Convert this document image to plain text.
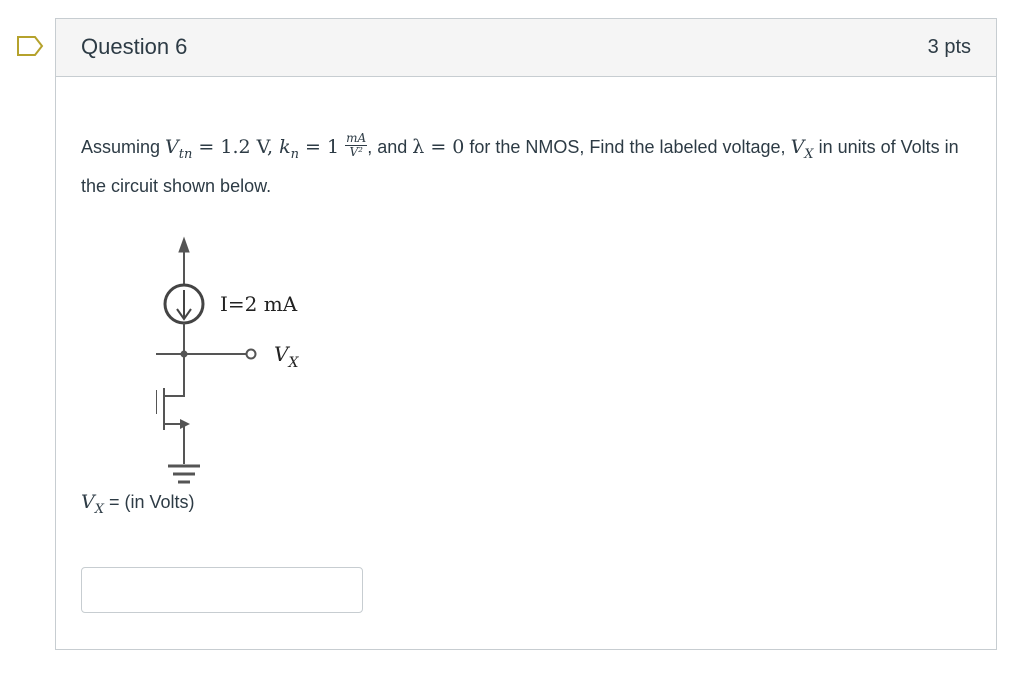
Question 6	3 pts
Assuming $V_{tn} = 1.2$ V, $k_n = 1 \frac{mA}{\text{V²}}$ , and λ = 0 for the NMOS, Find the labeled voltage, $V_X$ in units of Volts in the circuit shown below.
I=2 mA
$V_X$
$V_X = (in$ Volts)
